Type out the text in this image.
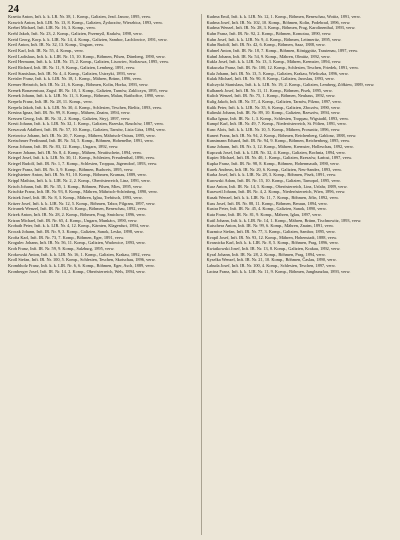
24

Kraetta Anton, Inft. k. k. LR. Nr. 38, 1. Komp., Galizien, Jezd. Janow, 1895, verw.

Krawtch Anton, Inft. LIR. Nr. 13, 8. Komp., Galizien, Żydaczów, Wierzbica, 1893, verw.

Krebet Michael, Inft. LIR. Nr. 16, 3. Komp., verw.

Krehl Jakob, Inft. Nr. 23, 2. Komp., Galizien, Przemyśl, Kraków, 1898, verw.

Kreid Georg, Korp. k. k. LIR. Nr. 14, 4. Komp., Galizien, Sambor, Lachlowice, 1891, verw.

Kreil Anton, Inft. IR. Nr. 32, 13. Komp., Ungarn, verw.

Kreil Karl, Inft. IR. Nr. 55, 4. Komp., verw.

Kreil Ladislaus, Inft. k. k. LIR. Nr. 15, 10. Komp., Böhmen, Pilsen, Dürnberg, 1890, verw.

Kreil Hermann, Inft. k. k. LIR. Nr. 15, 2. Komp., Galizien, Lisowiec, Stoltzowa, 1895, verw.

Kreil Richard, Inft. IR. Nr. 11, 9. Komp., Galizien, Lemberg, 1891, verw.

Kreil Stanislaus, Inft. IR. Nr. 4, 4. Komp., Galizien, Ustrzyki, 1893, verw.

Kreisler Franz, Inft. k. k. LIR. Nr. 18, 1. Komp., Mähren, Brünn, 1896, verw.

Kremer Heinrich, Inft. IR. Nr. 21, 6. Komp., Böhmen, Kolin, Horka, 1893, verw.

Krenek Bonaventura, Zugsf. IR. Nr. 10, 1. Komp., Galizien, Tarnów, Zakliczyn, 1895, verw.

Krenek Johann, Inft. k. k. LIR. Nr. 11, 3. Komp., Böhmen, Malan, Ratibořice, 1890, verw.

Krepela Franz, Inft. IR. Nr. 28, 11. Komp., verw.

Krepela Jakob, Inft. k. k. LIR. Nr. 30, 4. Komp., Schlesien, Teschen, Bielitz, 1893, verw.

Kresina Ignaz, Inft. IR. Nr. 99, 8. Komp., Mähren, Znaim, 1894, verw.

Kressen Georg, Inft. IR. Nr. 31, 2. Komp., Galizien, Stryj, 1897, verw.

Kresti Johann, Inft. k. k. LIR. Nr. 32, 1. Komp., Galizien, Brzesko, Rzuchów, 1887, verw.

Kreszczak Adalbert, Inft. IR. Nr. 57, 10. Komp., Galizien, Tarnów, Lisia Góra, 1894, verw.

Kretowicz Johann, Inft. IR. Nr. 20, 7. Komp., Mähren, Mährisch-Ostrau, 1895, verw.

Kretschmer Ferdinand, Inft. IR. Nr. 54, 5. Komp., Böhmen, Hohenelbe, 1891, verw.

Kreuz Johann, Inft. IR. Nr. 83, 12. Komp., Ungarn, 1892, verw.

Kreuzer Johann, Inft. IR. Nr. 8, 4. Komp., Mähren, Neutitschein, 1894, verw.

Kriegel Josef, Inft. k. k. LIR. Nr. 30, 11. Komp., Schlesien, Freudenthal, 1896, verw.

Kriegel Rudolf, Inft. IR. Nr. 1, 7. Komp., Schlesien, Troppau, Jägerndorf, 1893, verw.

Krieger Franz, Inft. IR. Nr. 3, 9. Komp., Böhmen, Budweis, 1895, verw.

Krieglsteiner Anton, Inft. IR. Nr. 91, 10. Komp., Böhmen, Krumau, 1889, verw.

Krippl Mathias, Inft. k. k. LIR. Nr. 2, 2. Komp., Oberösterreich, Linz, 1891, verw.

Krisch Johann, Inft. IR. Nr. 35, 1. Komp., Böhmen, Pilsen, Mies, 1895, verw.

Krischke Franz, Inft. IR. Nr. 93, 8. Komp., Mähren, Mährisch-Schönberg, 1890, verw.

Kristek Josef, Inft. IR. Nr. 8, 3. Komp., Mähren, Iglau, Trebitsch, 1893, verw.

Kritzer Josef, Inft. k. k. LIR. Nr. 12, 5. Komp., Böhmen, Tabor, Pilgram, 1897, verw.

Krivanek Wenzel, Inft. IR. Nr. 102, 6. Komp., Böhmen, Beneschau, 1892, verw.

Krizek Anton, Inft. IR. Nr. 28, 2. Komp., Böhmen, Prag, Smichow, 1896, verw.

Krizan Michael, Inft. IR. Nr. 65, 4. Komp., Ungarn, Munkács, 1890, verw.

Krobath Peter, Inft. k. k. LIR. Nr. 4, 12. Komp., Kärnten, Klagenfurt, 1894, verw.

Krocak Johann, Inft. IR. Nr. 9, 3. Komp., Galizien, Sanok, Lesko, 1898, verw.

Krofta Karl, Inft. IR. Nr. 73, 7. Komp., Böhmen, Eger, 1891, verw.

Krogulec Johann, Inft. IR. Nr. 56, 11. Komp., Galizien, Wadowice, 1893, verw.

Kroh Franz, Inft. IR. Nr. 59, 9. Komp., Salzburg, 1895, verw.

Krokowski Anton, Inft. k. k. LIR. Nr. 16, 1. Komp., Galizien, Krakau, 1892, verw.

Kroll Stefan, Inft. IR. Nr. 100, 5. Komp., Schlesien, Teschen, Skotschau, 1896, verw.

Krombholz Franz, Inft. k. k. LIR. Nr. 6, 6. Komp., Böhmen, Eger, Asch, 1889, verw.

Kronberger Josef, Inft. IR. Nr. 14, 2. Komp., Oberösterreich, Wels, 1894, verw.

Kudrna Emil, Inft. k. k. LIR. Nr. 12, 1. Komp., Böhmen, Beneschau, Wotitz, 1891, verw.

Kudrna Josef, Inft. IR. Nr. 102, 10. Komp., Böhmen, Kolin, Podebrad, 1896, verw.

Kudrna Wenzel, Inft. IR. Nr. 28, 3. Komp., Böhmen, Prag, Karolinenthal, 1893, verw.

Kuhn Franz, Inft. IR. Nr. 92, 2. Komp., Böhmen, Komotau, 1890, verw.

Kuhn Josef, Inft. k. k. LIR. Nr. 9, 4. Komp., Böhmen, Leitmeritz, 1895, verw.

Kuhn Rudolf, Inft. IR. Nr. 42, 6. Komp., Böhmen, Saaz, 1888, verw.

Kuhnel Anton, Inft. IR. Nr. 18, 7. Komp., Böhmen, Königgrätz, Trautenau, 1897, verw.

Kuhnl Johann, Inft. IR. Nr. 54, 9. Komp., Mähren, Olmütz, 1892, verw.

Kukla Josef, Inft. k. k. LIR. Nr. 13, 3. Komp., Mähren, Kremsier, 1894, verw.

Kukuczka Franz, Inft. IR. Nr. 100, 12. Komp., Schlesien, Teschen, Friedek, 1891, verw.

Kula Johann, Inft. IR. Nr. 13, 5. Komp., Galizien, Krakau, Wieliczka, 1896, verw.

Kulak Michael, Inft. IR. Nr. 90, 8. Komp., Galizien, Jaroslau, 1893, verw.

Kulczycki Stanislaus, Inft. k. k. LIR. Nr. 19, 2. Komp., Galizien, Lemberg, Zółkiew, 1889, verw.

Kulhanek Josef, Inft. IR. Nr. 11, 11. Komp., Böhmen, Pisek, 1895, verw.

Kulich Wenzel, Inft. IR. Nr. 75, 1. Komp., Böhmen, Neuhaus, 1892, verw.

Kulig Jakob, Inft. IR. Nr. 57, 4. Komp., Galizien, Tarnów, Pilzno, 1897, verw.

Kulik Peter, Inft. k. k. LIR. Nr. 35, 6. Komp., Galizien, Złoczów, 1890, verw.

Kulinski Johann, Inft. IR. Nr. 89, 10. Komp., Galizien, Rzeszów, 1894, verw.

Kulka Ignaz, Inft. IR. Nr. 1, 3. Komp., Schlesien, Troppau, Wigstadtl, 1893, verw.

Kumpf Karl, Inft. IR. Nr. 49, 7. Komp., Niederösterreich, St. Pölten, 1891, verw.

Kunc Alois, Inft. k. k. LIR. Nr. 10, 5. Komp., Mähren, Prossnitz, 1896, verw.

Kunert Franz, Inft. IR. Nr. 94, 2. Komp., Böhmen, Reichenberg, Gablonz, 1888, verw.

Kunstmann Eduard, Inft. IR. Nr. 94, 9. Komp., Böhmen, Reichenberg, 1895, verw.

Kunz Johann, Inft. IR. Nr. 3, 12. Komp., Mähren, Kremsier, Holleschau, 1892, verw.

Kupczak Josef, Inft. k. k. LIR. Nr. 32, 4. Komp., Galizien, Bochnia, 1894, verw.

Kupiec Michael, Inft. IR. Nr. 40, 1. Komp., Galizien, Rzeszów, Łańcut, 1897, verw.

Kupka Franz, Inft. IR. Nr. 98, 8. Komp., Böhmen, Hohenmauth, 1890, verw.

Kurek Andreas, Inft. IR. Nr. 20, 6. Komp., Galizien, Neu-Sandez, 1893, verw.

Kurka Josef, Inft. k. k. LIR. Nr. 28, 3. Komp., Böhmen, Pisek, 1891, verw.

Kurowski Adam, Inft. IR. Nr. 15, 10. Komp., Galizien, Tarnopol, 1895, verw.

Kurz Anton, Inft. IR. Nr. 14, 5. Komp., Oberösterreich, Linz, Urfahr, 1889, verw.

Kurzweil Johann, Inft. IR. Nr. 4, 2. Komp., Niederösterreich, Wien, 1896, verw.

Kusak Wenzel, Inft. k. k. LIR. Nr. 11, 7. Komp., Böhmen, Jičín, 1892, verw.

Kuss Josef, Inft. IR. Nr. 88, 11. Komp., Böhmen, Beraun, 1894, verw.

Kustra Peter, Inft. IR. Nr. 45, 4. Komp., Galizien, Sanok, 1890, verw.

Kuta Franz, Inft. IR. Nr. 81, 9. Komp., Mähren, Iglau, 1897, verw.

Kutil Johann, Inft. k. k. LIR. Nr. 14, 1. Komp., Mähren, Brünn, Tischnowitz, 1893, verw.

Kutschera Anton, Inft. IR. Nr. 99, 6. Komp., Mähren, Znaim, 1891, verw.

Kuzmicz Stefan, Inft. IR. Nr. 77, 3. Komp., Galizien, Sambor, 1895, verw.

Kvapil Josef, Inft. IR. Nr. 93, 12. Komp., Mähren, Hohenstadt, 1888, verw.

Kvasnicka Karl, Inft. k. k. LIR. Nr. 8, 5. Komp., Böhmen, Prag, 1896, verw.

Kwiatkowski Josef, Inft. IR. Nr. 13, 8. Komp., Galizien, Krakau, 1892, verw.

Kyral Johann, Inft. IR. Nr. 28, 2. Komp., Böhmen, Prag, 1894, verw.

Kyselka Wenzel, Inft. IR. Nr. 21, 10. Komp., Böhmen, Časlau, 1890, verw.

Labuda Josef, Inft. IR. Nr. 100, 4. Komp., Schlesien, Teschen, 1897, verw.

Lacina Franz, Inft. k. k. LIR. Nr. 11, 9. Komp., Böhmen, Jungbunzlau, 1893, verw.
